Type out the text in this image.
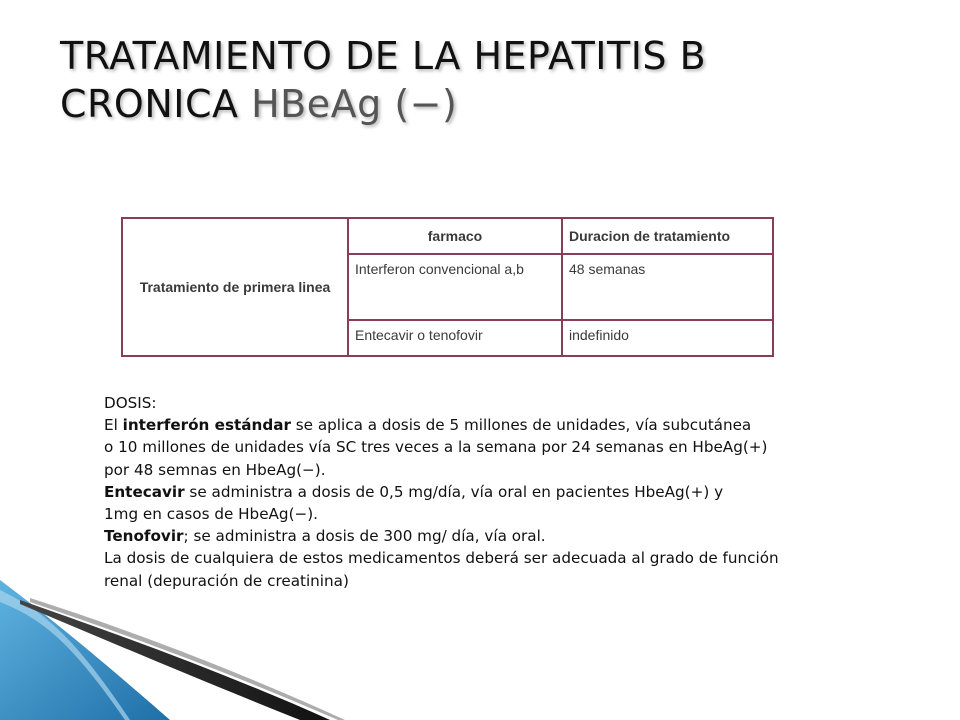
TRATAMIENTO DE LA HEPATITIS B
CRONICA HBeAg (−)
Tratamiento de primera linea	farmaco	Duracion de tratamiento
	Interferon convencional a,b	48 semanas
	Entecavir o tenofovir	indefinido
DOSIS:
El interferón estándar se aplica a dosis de 5 millones de unidades, vía subcutánea
o 10 millones de unidades vía SC tres veces a la semana por 24 semanas en HbeAg(+)
por 48 semnas en HbeAg(−).
Entecavir se administra a dosis de 0,5 mg/día, vía oral en pacientes HbeAg(+) y
1mg en casos de HbeAg(−).
Tenofovir; se administra a dosis de 300 mg/ día, vía oral.
La dosis de cualquiera de estos medicamentos deberá ser adecuada al grado de función
renal (depuración de creatinina)
